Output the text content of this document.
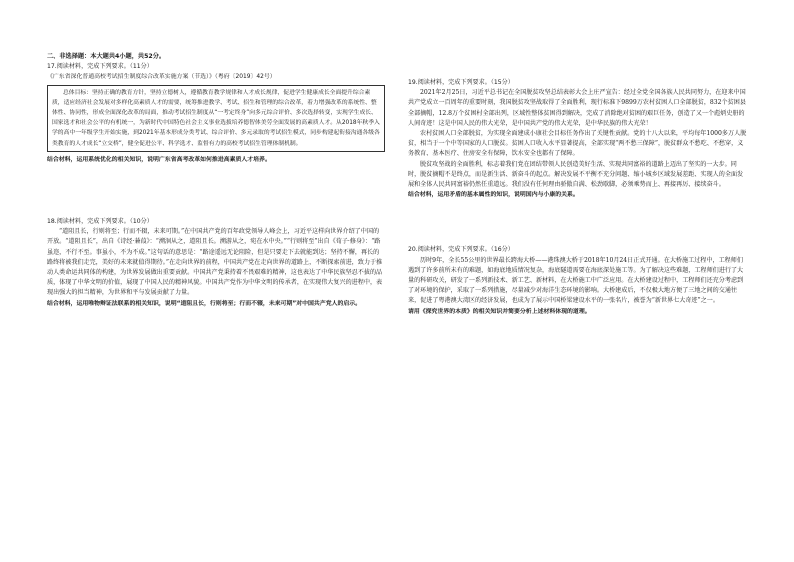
二、非选择题：本大题共4小题，共52分。

17.阅读材料，完成下列要求。（11分）

《广东省深化普通高校考试招生制度综合改革实施方案（节选）》（粤府〔2019〕42号）

总体目标：坚持正确的教育方针，坚持立德树人，遵循教育教学规律和人才成长规律，促进学生健康成长全面提升综合素质，适应经济社会发展对多样化高素质人才的需要，统筹推进教学、考试、招生和管理的综合改革，着力增强改革的系统性、整体性、协同性，形成全面深化改革的局面，推动考试招生制度从“一考定终身”向多元综合评价、多次选择转变，实现学生成长、国家选才和社会公平的有机统一，为新时代中国特色社会主义事业选拔培养德智体美劳全面发展的高素质人才。从2018年秋季入学的高中一年级学生开始实施，到2021年基本形成分类考试、综合评价、多元录取的考试招生模式，同步构建起衔接沟通各级各类教育的人才成长“立交桥”，健全促进公平、科学选才、监督有力的高校考试招生管理体制机制。

结合材料，运用系统优化的相关知识，说明广东省高考改革如何推进高素质人才培养。

18.阅读材料，完成下列要求。（10分）

“道阻且长，行则将至；行而不辍，未来可期。”在中国共产党的百年政党领导人峰会上，习近平这样向世界介绍了中国的开放。“道阻且长”，出自《诗经·蒹葭》：“溯洄从之，道阻且长。溯游从之，宛在水中央。”“行则将至”出自《荀子·修身》：“路虽迩，不行不至。事虽小，不为不成。”这句话的意思是：“路途遥远无论阻险，但是只要走下去就能到达；坚持不懈，再长的路终将被我们走完，美好的未来就值得期待。”在走向世界的前程，中国共产党在走向世界的道路上，不断探索前进，致力于推动人类命运共同体的构建，为世界发展做出重要贡献。中国共产党秉持着不畏艰难的精神，这也表达了中华民族坚忍不拔的品质，体现了中华文明的价值，展现了中国人民的精神风貌。中国共产党作为中华文明的传承者，在实现伟大复兴的进程中，表现出强大的担当精神，为世界和平与发展贡献了力量。

结合材料，运用唯物辩证法联系的相关知识，说明“道阻且长，行则将至；行而不辍，未来可期”对中国共产党人的启示。

19.阅读材料，完成下列要求。（15分）

2021年2月25日，习近平总书记在全国脱贫攻坚总结表彰大会上庄严宣告：经过全党全国各族人民共同努力，在迎来中国共产党成立一百周年的重要时刻，我国脱贫攻坚战取得了全面胜利，现行标准下9899万农村贫困人口全部脱贫，832个贫困县全部摘帽，12.8万个贫困村全部出列，区域性整体贫困得到解决，完成了消除绝对贫困的艰巨任务，创造了又一个彪炳史册的人间奇迹！这是中国人民的伟大光荣，是中国共产党的伟大光荣，是中华民族的伟大光荣！

农村贫困人口全部脱贫，为实现全面建成小康社会目标任务作出了关键性贡献。党的十八大以来，平均每年1000多万人脱贫，相当于一个中等国家的人口脱贫。贫困人口收入水平显著提高，全部实现“两不愁三保障”，脱贫群众不愁吃、不愁穿，义务教育、基本医疗、住房安全有保障，饮水安全也都有了保障。

脱贫攻坚战的全面胜利，标志着我们党在团结带领人民创造美好生活、实现共同富裕的道路上迈出了坚实的一大步。同时，脱贫摘帽不是终点，而是新生活、新奋斗的起点。解决发展不平衡不充分问题、缩小城乡区域发展差距、实现人的全面发展和全体人民共同富裕仍然任重道远。我们没有任何理由骄傲自满、松劲歇脚，必须乘势而上、再接再厉、接续奋斗。

结合材料，运用矛盾的基本属性的知识，说明国内与小康的关系。

20.阅读材料，完成下列要求。（16分）

历时9年，全长55公里的世界最长跨海大桥——港珠澳大桥于2018年10月24日正式开通。在大桥施工过程中，工程师们遇到了许多前所未有的难题，如海底地质情况复杂，海底隧道需要在海底深处施工等。为了解决这些难题，工程师们进行了大量的科研攻关，研发了一系列新技术、新工艺、新材料，在大桥施工中广泛应用。在大桥建设过程中，工程师们还充分考虑到了对环境的保护，采取了一系列措施，尽量减少对海洋生态环境的影响。大桥建成后，不仅极大地方便了三地之间的交通往来，促进了粤港澳大湾区的经济发展，也成为了展示中国桥梁建设水平的一张名片，被誉为“新世界七大奇迹”之一。

请用《探究世界的本质》的相关知识并简要分析上述材料体现的道理。
